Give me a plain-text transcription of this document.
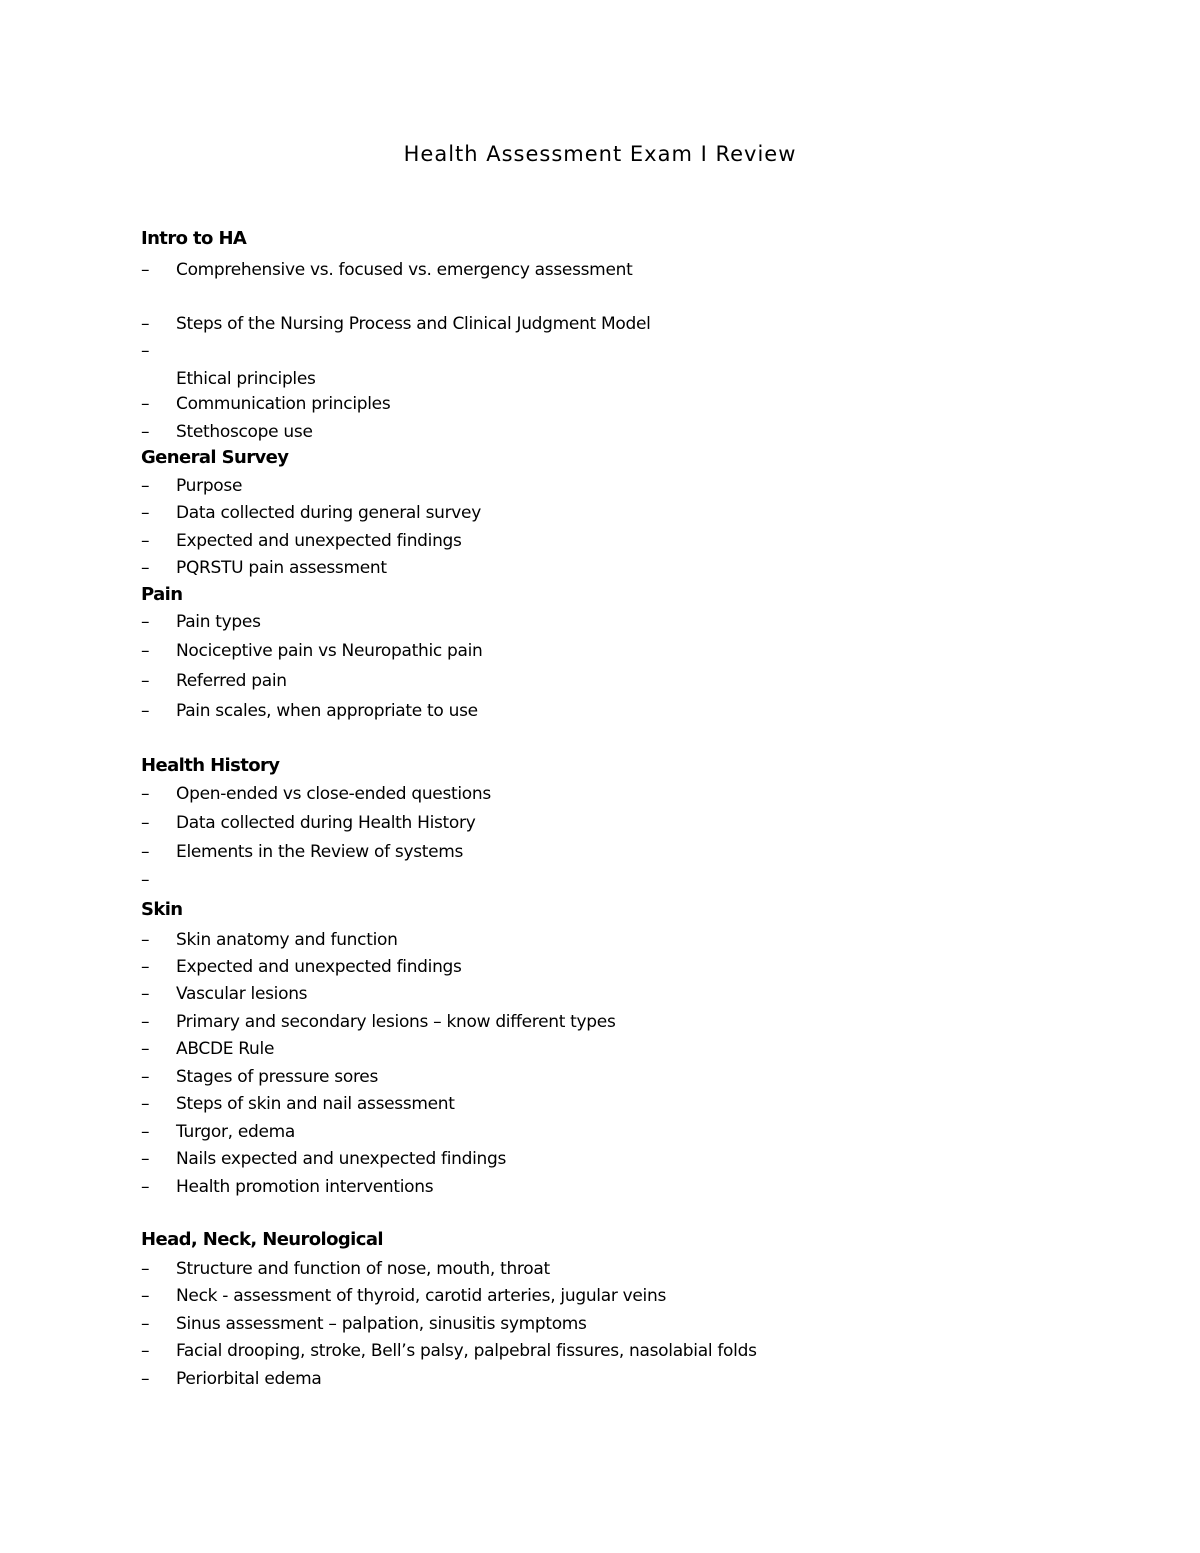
Health Assessment Exam I Review
Intro to HA
–	Comprehensive vs. focused vs. emergency assessment
–	Steps of the Nursing Process and Clinical Judgment Model
–
Ethical principles
–	Communication principles
–	Stethoscope use
General Survey
–	Purpose
–	Data collected during general survey
–	Expected and unexpected findings
–	PQRSTU pain assessment
Pain
–	Pain types
–	Nociceptive pain vs Neuropathic pain
–	Referred pain
–	Pain scales, when appropriate to use
Health History
–	Open-ended vs close-ended questions
–	Data collected during Health History
–	Elements in the Review of systems
–
Skin
–	Skin anatomy and function
–	Expected and unexpected findings
–	Vascular lesions
–	Primary and secondary lesions – know different types
–	ABCDE Rule
–	Stages of pressure sores
–	Steps of skin and nail assessment
–	Turgor, edema
–	Nails expected and unexpected findings
–	Health promotion interventions
Head, Neck, Neurological
–	Structure and function of nose, mouth, throat
–	Neck - assessment of thyroid, carotid arteries, jugular veins
–	Sinus assessment – palpation, sinusitis symptoms
–	Facial drooping, stroke, Bell’s palsy, palpebral fissures, nasolabial folds
–	Periorbital edema
